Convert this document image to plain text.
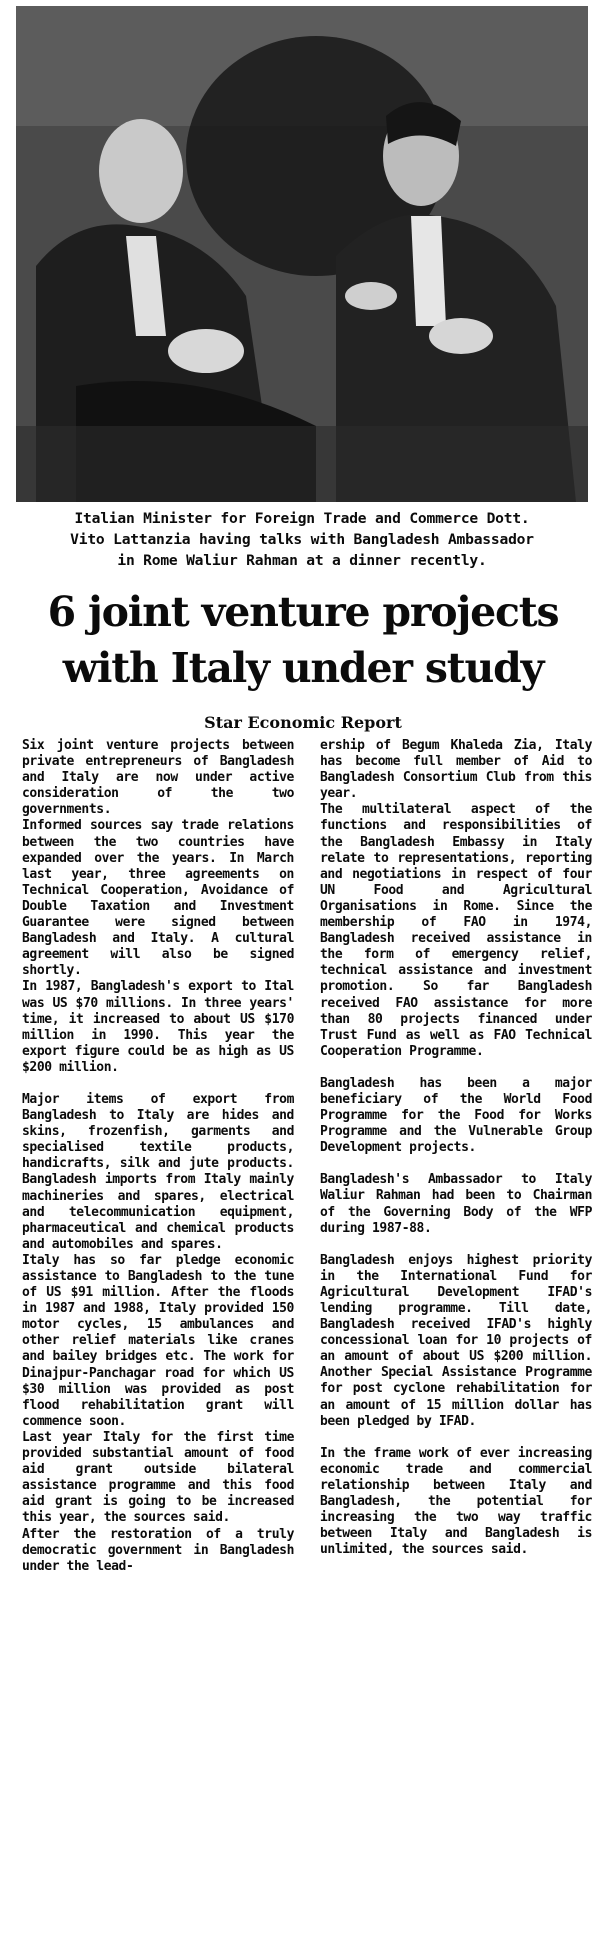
Italian Minister for Foreign Trade and Commerce Dott.

Vito Lattanzia having talks with Bangladesh Ambassador

in Rome Waliur Rahman at a dinner recently.

6 joint venture projects

with Italy under study

Star Economic Report

Six joint venture projects between private entrepreneurs of Bangladesh and Italy are now under active consideration of the two governments.

Informed sources say trade relations between the two countries have expanded over the years. In March last year, three agreements on Technical Cooperation, Avoidance of Double Taxation and Investment Guarantee were signed between Bangladesh and Italy. A cultural agreement will also be signed shortly.

In 1987, Bangladesh's export to Ital was US $70 millions. In three years' time, it increased to about US $170 million in 1990. This year the export figure could be as high as US $200 million.

Major items of export from Bangladesh to Italy are hides and skins, frozenfish, garments and specialised textile products, handicrafts, silk and jute products. Bangladesh imports from Italy mainly machineries and spares, electrical and telecommunication equipment, pharmaceutical and chemical products and automobiles and spares.

Italy has so far pledge economic assistance to Bangladesh to the tune of US $91 million. After the floods in 1987 and 1988, Italy provided 150 motor cycles, 15 ambulances and other relief materials like cranes and bailey bridges etc. The work for Dinajpur-Panchagar road for which US $30 million was provided as post flood rehabilitation grant will commence soon.

Last year Italy for the first time provided substantial amount of food aid grant outside bilateral assistance programme and this food aid grant is going to be increased this year, the sources said.

After the restoration of a truly democratic government in Bangladesh under the lead-

ership of Begum Khaleda Zia, Italy has become full member of Aid to Bangladesh Consortium Club from this year.

The multilateral aspect of the functions and responsibilities of the Bangladesh Embassy in Italy relate to representations, reporting and negotiations in respect of four UN Food and Agricultural Organisations in Rome. Since the membership of FAO in 1974, Bangladesh received assistance in the form of emergency relief, technical assistance and investment promotion. So far Bangladesh received FAO assistance for more than 80 projects financed under Trust Fund as well as FAO Technical Cooperation Programme.

Bangladesh has been a major beneficiary of the World Food Programme for the Food for Works Programme and the Vulnerable Group Development projects.

Bangladesh's Ambassador to Italy Waliur Rahman had been to Chairman of the Governing Body of the WFP during 1987-88.

Bangladesh enjoys highest priority in the International Fund for Agricultural Development IFAD's lending programme. Till date, Bangladesh received IFAD's highly concessional loan for 10 projects of an amount of about US $200 million. Another Special Assistance Programme for post cyclone rehabilitation for an amount of 15 million dollar has been pledged by IFAD.

In the frame work of ever increasing economic trade and commercial relationship between Italy and Bangladesh, the potential for increasing the two way traffic between Italy and Bangladesh is unlimited, the sources said.
